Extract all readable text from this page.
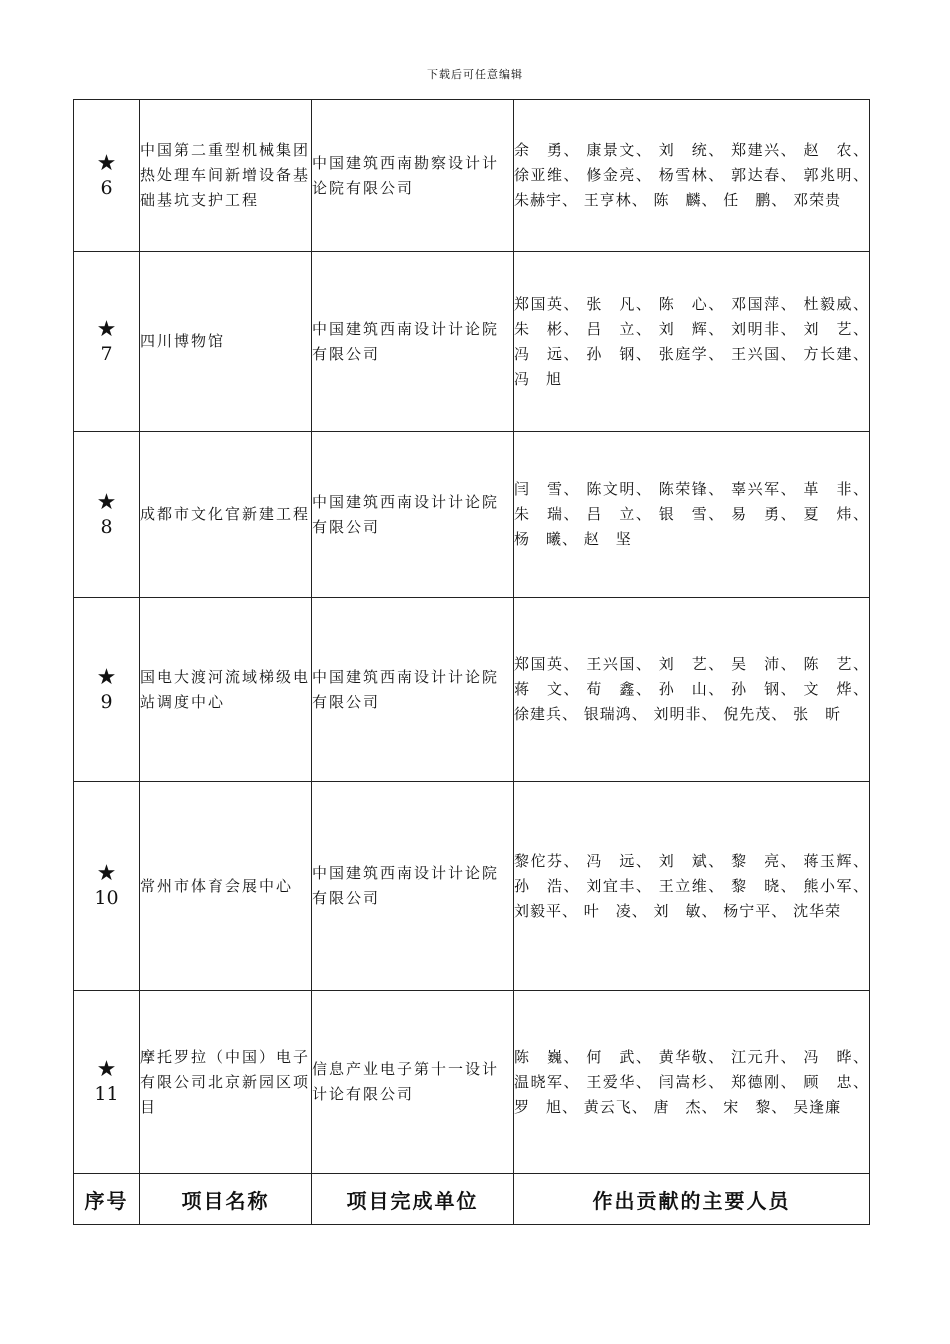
下载后可任意编辑
★
6	中国第二重型机械集团热处理车间新增设备基础基坑支护工程	中国建筑西南勘察设计计论院有限公司	余　勇、 康景文、 刘　统、 郑建兴、 赵　农、 徐亚维、 修金亮、 杨雪林、 郭达春、 郭兆明、 朱赫宇、 王亨林、 陈　麟、 任　鹏、 邓荣贵

★
7	四川博物馆	中国建筑西南设计计论院有限公司	郑国英、 张　凡、 陈　心、 邓国萍、 杜毅威、 朱　彬、 吕　立、 刘　辉、 刘明非、 刘　艺、 冯　远、 孙　钢、 张庭学、 王兴国、 方长建、 冯　旭

★
8	成都市文化官新建工程	中国建筑西南设计计论院有限公司	闫　雪、 陈文明、 陈荣锋、 辜兴军、 革　非、 朱　瑞、 吕　立、 银　雪、 易　勇、 夏　炜、 杨　曦、 赵　坚

★
9	国电大渡河流域梯级电站调度中心	中国建筑西南设计计论院有限公司	郑国英、 王兴国、 刘　艺、 吴　沛、 陈　艺、 蒋　文、 荀　鑫、 孙　山、 孙　钢、 文　烨、 徐建兵、 银瑞鸿、 刘明非、 倪先茂、 张　昕

★
10	常州市体育会展中心	中国建筑西南设计计论院有限公司	黎佗芬、 冯　远、 刘　斌、 黎　亮、 蒋玉辉、 孙　浩、 刘宜丰、 王立维、 黎　晓、 熊小军、 刘毅平、 叶　凌、 刘　敏、 杨宁平、 沈华荣

★
11	摩托罗拉（中国）电子有限公司北京新园区项目	信息产业电子第十一设计计论有限公司	陈　巍、 何　武、 黄华敬、 江元升、 冯　晔、 温晓军、 王爱华、 闫嵩杉、 郑德刚、 顾　忠、 罗　旭、 黄云飞、 唐　杰、 宋　黎、 吴逢廉
序号	项目名称	项目完成单位	作出贡献的主要人员
